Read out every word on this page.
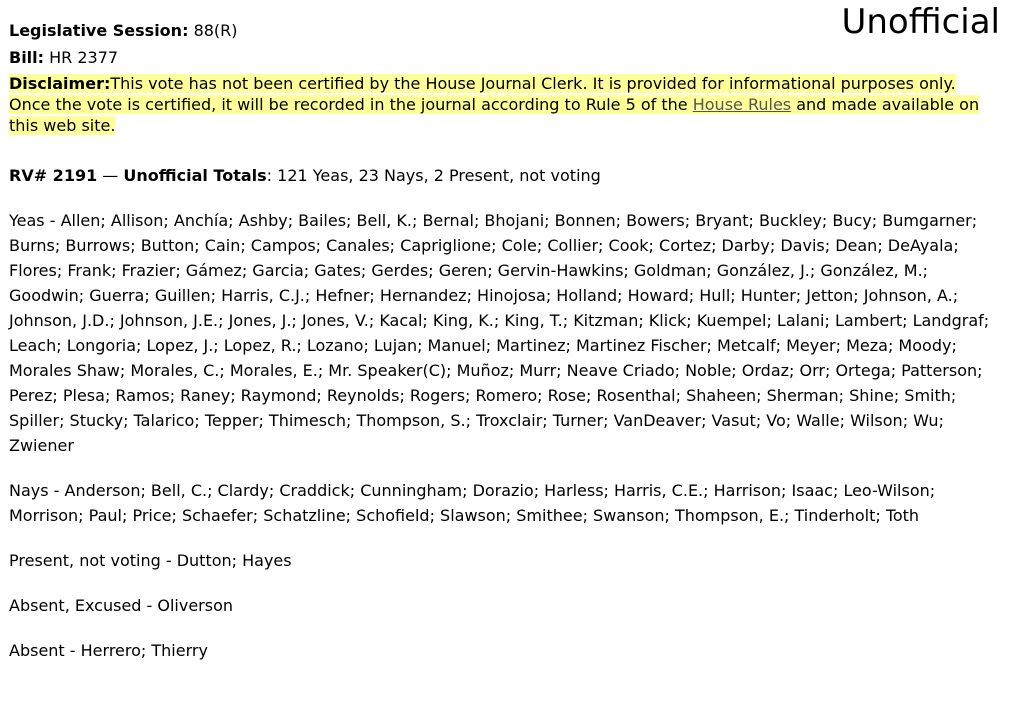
Unofficial
Legislative Session: 88(R)
Bill: HR 2377
Disclaimer:This vote has not been certified by the House Journal Clerk. It is provided for informational purposes only. Once the vote is certified, it will be recorded in the journal according to Rule 5 of the House Rules and made available on this web site.
RV# 2191 — Unofficial Totals: 121 Yeas, 23 Nays, 2 Present, not voting
Yeas - Allen; Allison; Anchía; Ashby; Bailes; Bell, K.; Bernal; Bhojani; Bonnen; Bowers; Bryant; Buckley; Bucy; Bumgarner; Burns; Burrows; Button; Cain; Campos; Canales; Capriglione; Cole; Collier; Cook; Cortez; Darby; Davis; Dean; DeAyala; Flores; Frank; Frazier; Gámez; Garcia; Gates; Gerdes; Geren; Gervin-Hawkins; Goldman; González, J.; González, M.; Goodwin; Guerra; Guillen; Harris, C.J.; Hefner; Hernandez; Hinojosa; Holland; Howard; Hull; Hunter; Jetton; Johnson, A.; Johnson, J.D.; Johnson, J.E.; Jones, J.; Jones, V.; Kacal; King, K.; King, T.; Kitzman; Klick; Kuempel; Lalani; Lambert; Landgraf; Leach; Longoria; Lopez, J.; Lopez, R.; Lozano; Lujan; Manuel; Martinez; Martinez Fischer; Metcalf; Meyer; Meza; Moody; Morales Shaw; Morales, C.; Morales, E.; Mr. Speaker(C); Muñoz; Murr; Neave Criado; Noble; Ordaz; Orr; Ortega; Patterson; Perez; Plesa; Ramos; Raney; Raymond; Reynolds; Rogers; Romero; Rose; Rosenthal; Shaheen; Sherman; Shine; Smith; Spiller; Stucky; Talarico; Tepper; Thimesch; Thompson, S.; Troxclair; Turner; VanDeaver; Vasut; Vo; Walle; Wilson; Wu; Zwiener
Nays - Anderson; Bell, C.; Clardy; Craddick; Cunningham; Dorazio; Harless; Harris, C.E.; Harrison; Isaac; Leo-Wilson; Morrison; Paul; Price; Schaefer; Schatzline; Schofield; Slawson; Smithee; Swanson; Thompson, E.; Tinderholt; Toth
Present, not voting - Dutton; Hayes
Absent, Excused - Oliverson
Absent - Herrero; Thierry
